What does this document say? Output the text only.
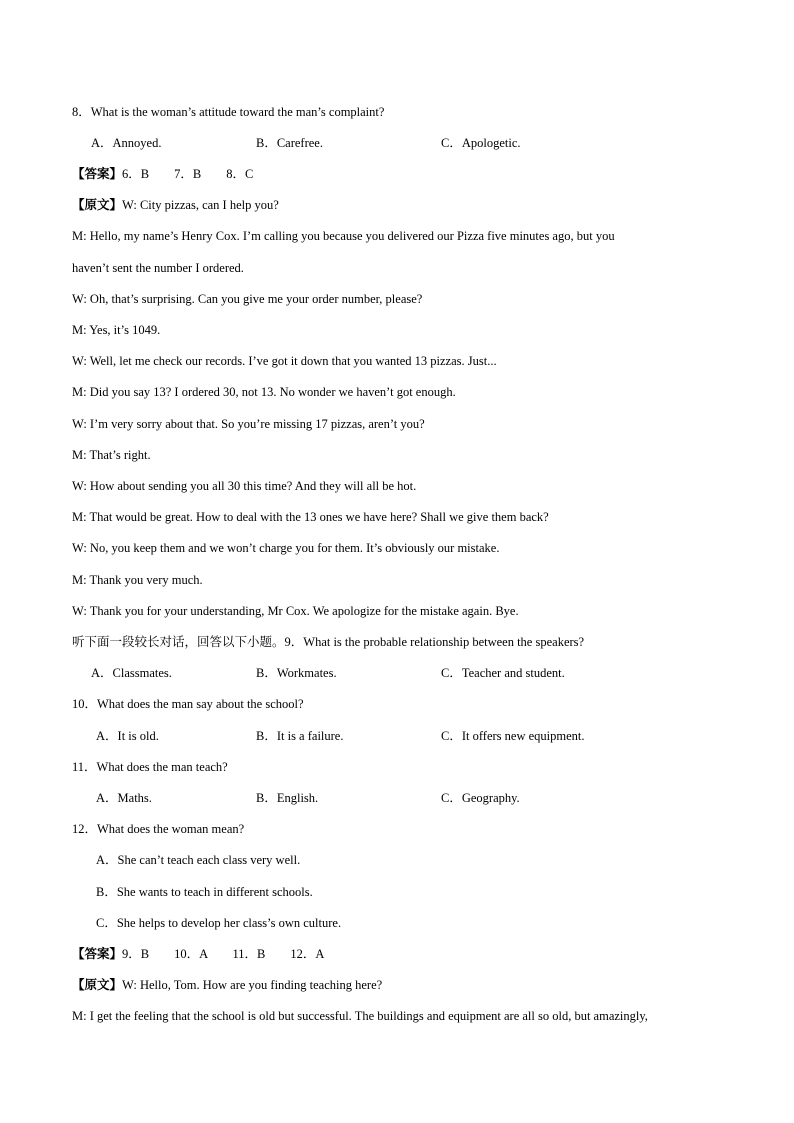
8．What is the woman’s attitude toward the man’s complaint?
A．Annoyed.	B．Carefree.	C．Apologetic.
【答案】6．B　　7．B　　8．C
【原文】W: City pizzas, can I help you?
M: Hello, my name’s Henry Cox. I’m calling you because you delivered our Pizza five minutes ago, but you
haven’t sent the number I ordered.
W: Oh, that’s surprising. Can you give me your order number, please?
M: Yes, it’s 1049.
W: Well, let me check our records. I’ve got it down that you wanted 13 pizzas. Just...
M: Did you say 13? I ordered 30, not 13. No wonder we haven’t got enough.
W: I’m very sorry about that. So you’re missing 17 pizzas, aren’t you?
M: That’s right.
W: How about sending you all 30 this time? And they will all be hot.
M: That would be great. How to deal with the 13 ones we have here? Shall we give them back?
W: No, you keep them and we won’t charge you for them. It’s obviously our mistake.
M: Thank you very much.
W: Thank you for your understanding, Mr Cox. We apologize for the mistake again. Bye.
听下面一段较长对话，回答以下小题。9．What is the probable relationship between the speakers?
A．Classmates.	B．Workmates.	C．Teacher and student.
10．What does the man say about the school?
A．It is old.	B．It is a failure.	C．It offers new equipment.
11．What does the man teach?
A．Maths.	B．English.	C．Geography.
12．What does the woman mean?
A．She can’t teach each class very well.
B．She wants to teach in different schools.
C．She helps to develop her class’s own culture.
【答案】9．B　　10．A　　11．B　　12．A
【原文】W: Hello, Tom. How are you finding teaching here?
M: I get the feeling that the school is old but successful. The buildings and equipment are all so old, but amazingly,
